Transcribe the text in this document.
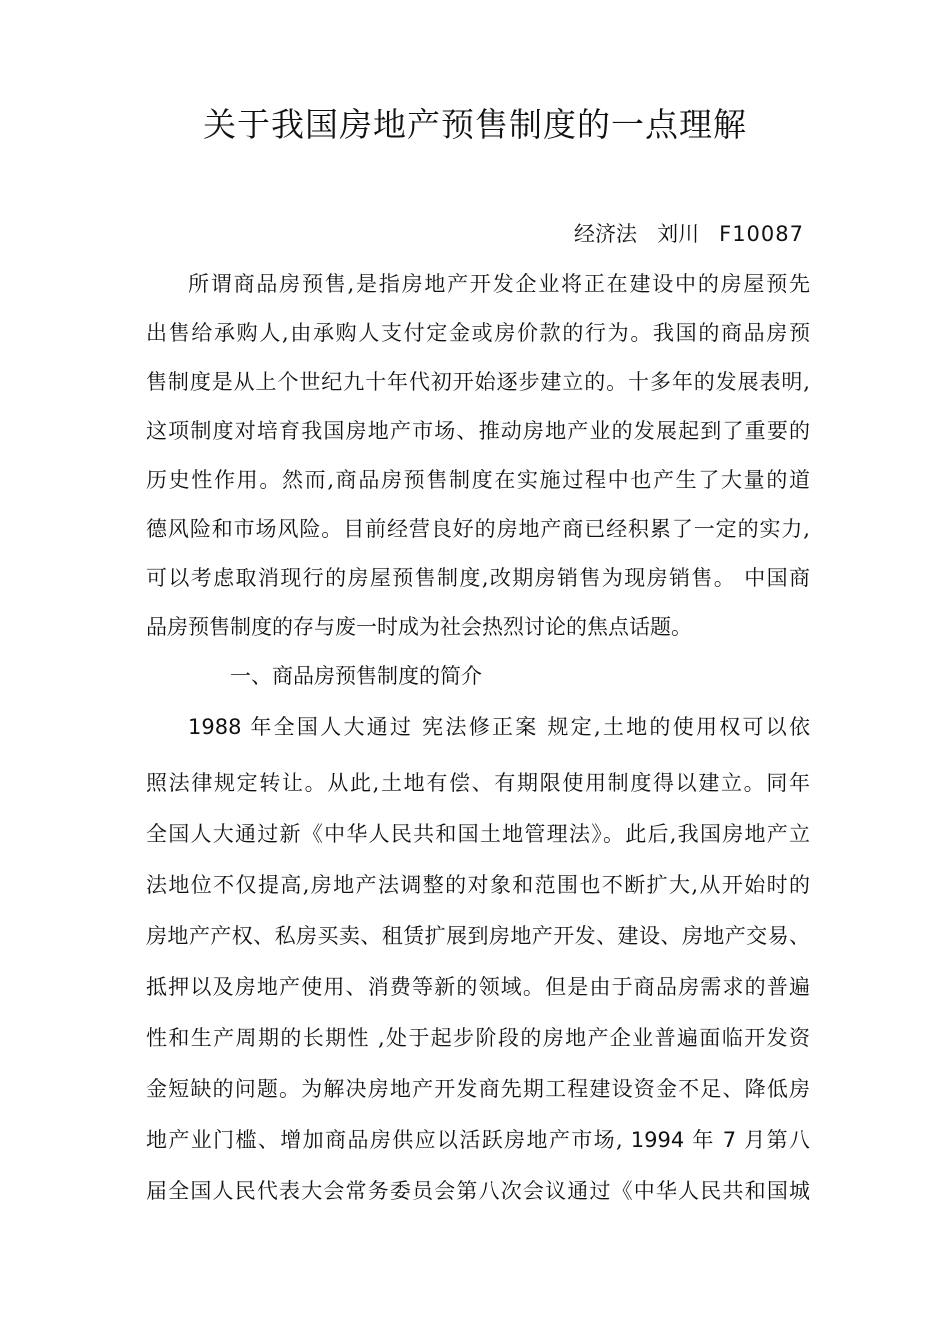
关于我国房地产预售制度的一点理解
经济法 刘川 F10087
所谓商品房预售,是指房地产开发企业将正在建设中的房屋预先
出售给承购人,由承购人支付定金或房价款的行为。我国的商品房预
售制度是从上个世纪九十年代初开始逐步建立的。十多年的发展表明,
这项制度对培育我国房地产市场、推动房地产业的发展起到了重要的
历史性作用。然而,商品房预售制度在实施过程中也产生了大量的道
德风险和市场风险。目前经营良好的房地产商已经积累了一定的实力,
可以考虑取消现行的房屋预售制度,改期房销售为现房销售。 中国商
品房预售制度的存与废一时成为社会热烈讨论的焦点话题。
一、商品房预售制度的简介
1988 年全国人大通过 宪法修正案 规定,土地的使用权可以依
照法律规定转让。从此,土地有偿、有期限使用制度得以建立。同年
全国人大通过新《中华人民共和国土地管理法》。此后,我国房地产立
法地位不仅提高,房地产法调整的对象和范围也不断扩大,从开始时的
房地产产权、私房买卖、租赁扩展到房地产开发、建设、房地产交易、
抵押以及房地产使用、消费等新的领域。但是由于商品房需求的普遍
性和生产周期的长期性 ,处于起步阶段的房地产企业普遍面临开发资
金短缺的问题。为解决房地产开发商先期工程建设资金不足、降低房
地产业门槛、增加商品房供应以活跃房地产市场, 1994 年 7 月第八
届全国人民代表大会常务委员会第八次会议通过《中华人民共和国城
